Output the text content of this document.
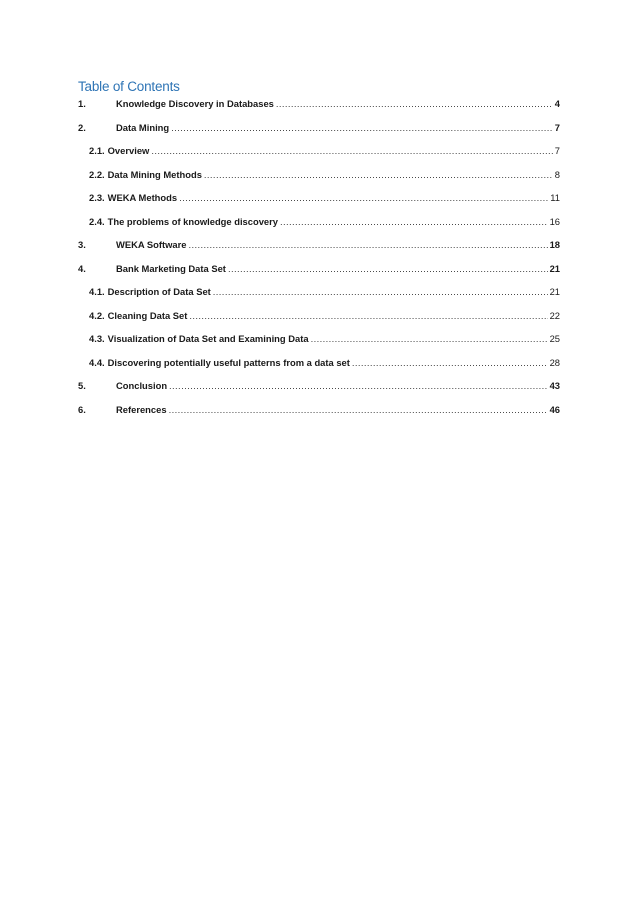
Table of Contents
1.	Knowledge Discovery in Databases .....	4
2.	Data Mining .....	7
2.1. Overview .....	7
2.2. Data Mining Methods .....	8
2.3. WEKA Methods .....	11
2.4. The problems of knowledge discovery .....	16
3.	WEKA Software .....	18
4.	Bank Marketing Data Set .....	21
4.1. Description of Data Set .....	21
4.2. Cleaning Data Set .....	22
4.3. Visualization of Data Set and Examining Data .....	25
4.4. Discovering potentially useful patterns from a data set .....	28
5.	Conclusion .....	43
6.	References .....	46
